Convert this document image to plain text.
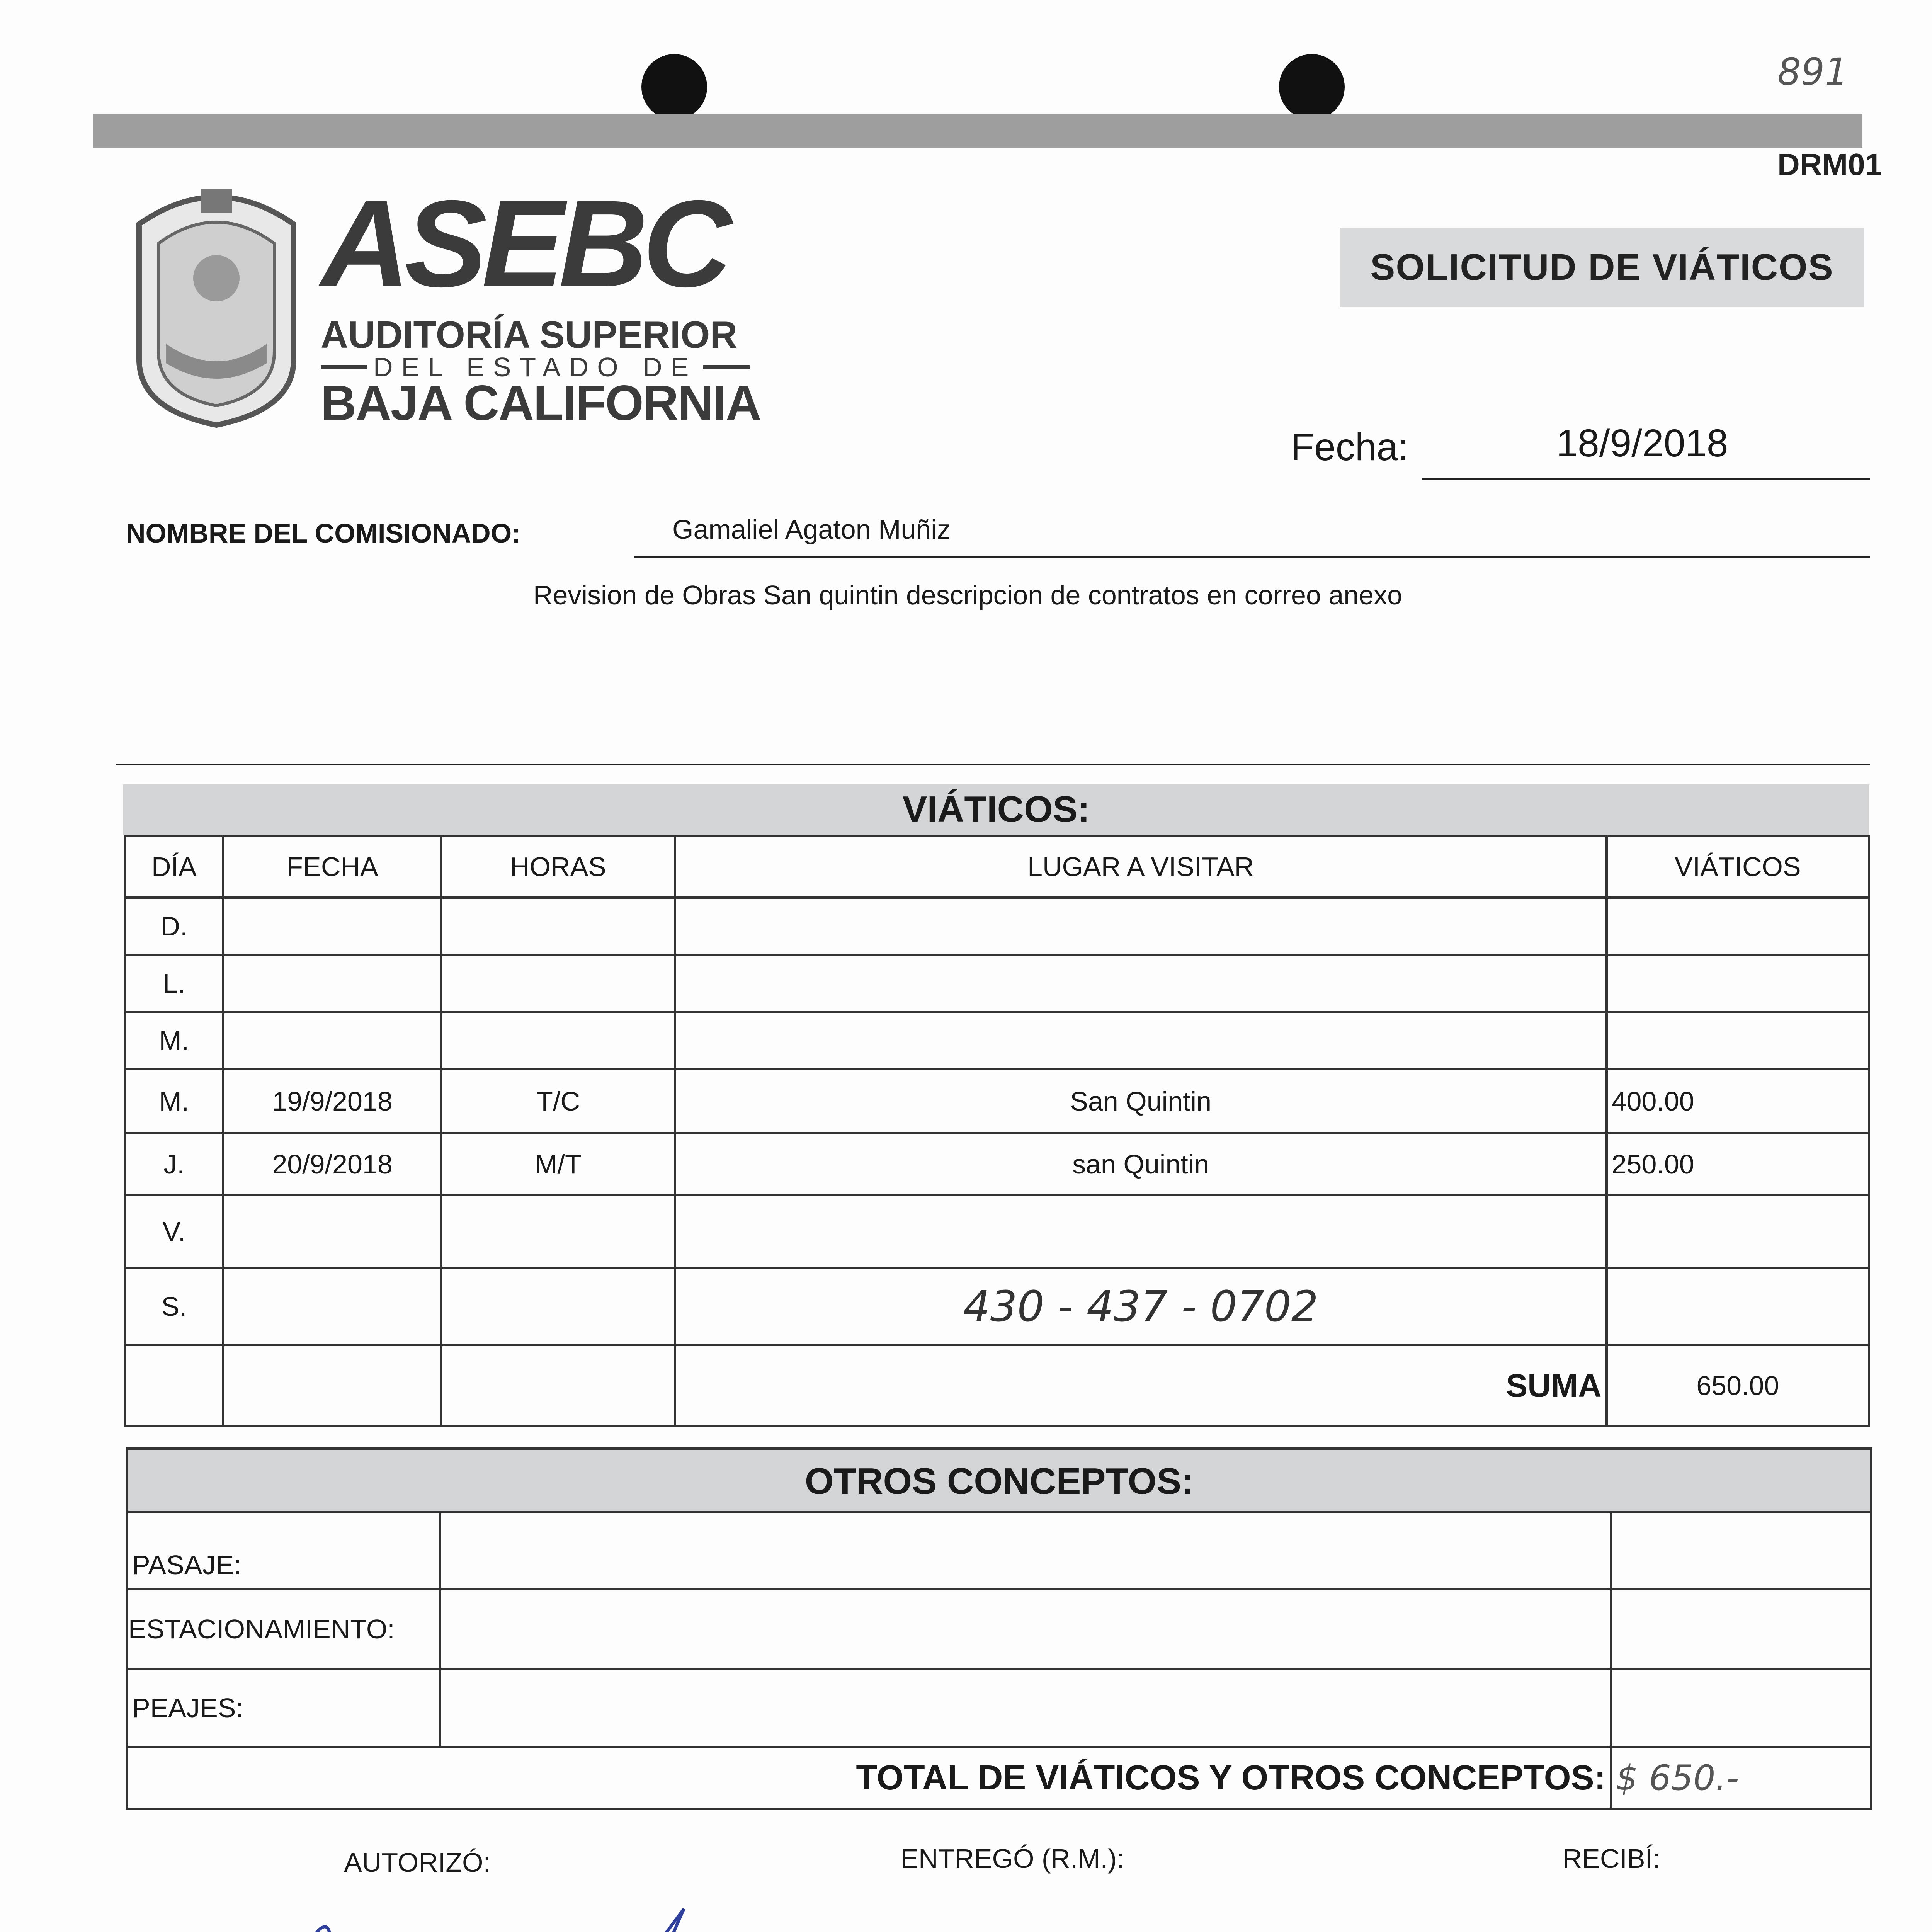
891
DRM01
ASEBC
AUDITORÍA SUPERIOR
DEL ESTADO DE
BAJA CALIFORNIA
SOLICITUD DE VIÁTICOS
Fecha:	18/9/2018
NOMBRE DEL COMISIONADO:	Gamaliel Agaton Muñiz
Revision de Obras San quintin descripcion de contratos en correo anexo
VIÁTICOS:
DÍA	FECHA	HORAS	LUGAR A VISITAR	VIÁTICOS
D.				
L.				
M.				
M.	19/9/2018	T/C	San Quintin	400.00
J.	20/9/2018	M/T	san Quintin	250.00
V.				
S.			430 - 437 - 0702	
			SUMA	650.00
OTROS CONCEPTOS:
PASAJE:		
ESTACIONAMIENTO:		
PEAJES:		
TOTAL DE VIÁTICOS Y OTROS CONCEPTOS:		$ 650.-
AUTORIZÓ:	ENTREGÓ (R.M.):	RECIBÍ:
